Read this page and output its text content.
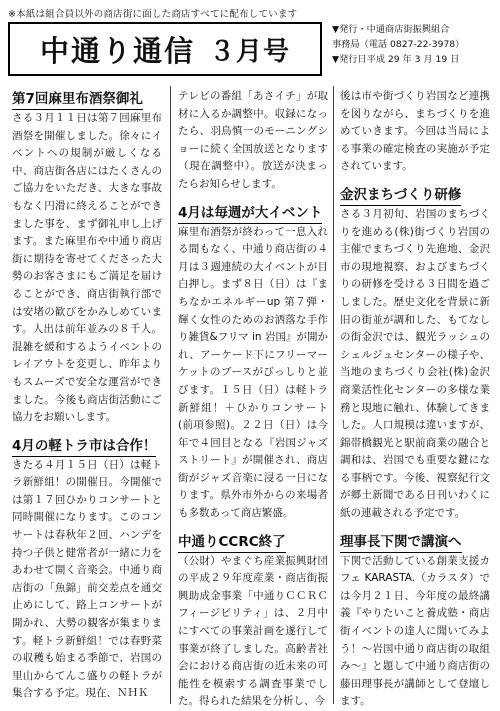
※本紙は組合員以外の商店街に面した商店すべてに配布しています
中通り通信 ３月号
▼発行・中通商店街振興組合
事務局（電話 0827-22-3978）
▼発行日平成 29 年 3 月 19 日
第7回麻里布酒祭御礼

さる３月１１日は第７回麻里布酒祭を開催しました。徐々にイベントへの規制が厳しくなる中、商店街各店にはたくさんのご協力をいただき、大きな事故もなく円滑に終えることができました事を、まず御礼申し上げます。また麻里布や中通り商店街に期待を寄せてくださった大勢のお客さまにもご満足を届けることができ、商店街執行部では安堵の歓びをかみしめています。人出は前年並みの８千人。混雑を緩和するようイベントのレイアウトを変更し、昨年よりもスムーズで安全な運営ができました。今後も商店街活動にご協力をお願いします。

4月の軽トラ市は合作！

きたる４月１５日（日）は軽トラ新鮮組！の開催日。今開催では第１７回ひかりコンサートと同時開催になります。このコンサートは春秋年２回、ハンデを持つ子供と健常者が一緒に力をあわせて開く音楽会。中通り商店街の「魚錦」前交差点を通交止めにして、路上コンサートが開かれ、大勢の観客が集まります。軽トラ新鮮組！では春野菜の収穫も始まる季節で、岩国の里山からてんこ盛りの軽トラが集合する予定。現在、ＮＨＫ

テレビの番組「あさイチ」が取材に入るか調整中。収録になったら、羽鳥慎一のモーニングショーに続く全国放送となります（現在調整中）。放送が決まったらお知らせします。

4月は毎週が大イベント

麻里布酒祭が終わって一息入れる間もなく、中通り商店街の４月は３週連続の大イベントが目白押し。まず８日（日）は『まちなかエネルギーup 第７弾・輝く女性のためのお洒落な手作り雑貨&フリマ in 岩国』が開かれ、アーケード下にフリーマーケットのブースがびっしりと並びます。１５日（日）は軽トラ新鮮組！＋ひかりコンサート(前項参照)。２２日（日）は今年で４回目となる『岩国ジャズストリート』が開催され、商店街がジャズ音楽に浸る一日になります。県外市外からの来場者も多数あって商店繁盛。

中通りCCRC終了

（公財）やまぐち産業振興財団の平成２９年度産業・商店街振興助成金事業「中通りＣＣＲＣフィージビリティ」は、２月中にすべての事業計画を遂行して事業が終了しました。高齢者社会における商店街の近未来の可能性を模索する調査事業でした。得られた結果を分析し、今

後は市や街づくり岩国など連携を図りながら、まちづくりを進めていきます。今回は当局による事業の確定検査の実施が予定されています。

金沢まちづくり研修

さる３月初旬、岩国のまちづくりを進める(株)街づくり岩国の主催でまちづくり先進地、金沢市の現地視察、およびまちづくりの研修を受ける３日間を過ごしました。歴史文化を背景に新旧の街並が調和した、もてなしの街金沢では、観光ラッシュのシェルジュセンターの様子や、当地のまちづくり会社(株)金沢商業活性化センターの多様な業務と現地に触れ、体験してきました。人口規模は違いますが、錦帯橋観光と駅前商業の融合と調和は、岩国でも重要な鍵になる事柄です。今後、視察紀行文が郷土新聞である日刊いわくに紙の連載される予定です。

理事長下関で講演へ

下関で活動している創業支援カフェ KARASTA.（カラスタ）では今月２１日、今年度の最終講義『やりたいこと養成塾・商店街イベントの達人に聞いてみよう！～岩国中通り商店街の取組み～』と題して中通り商店街の藤田理事長が講師として登壇します。
